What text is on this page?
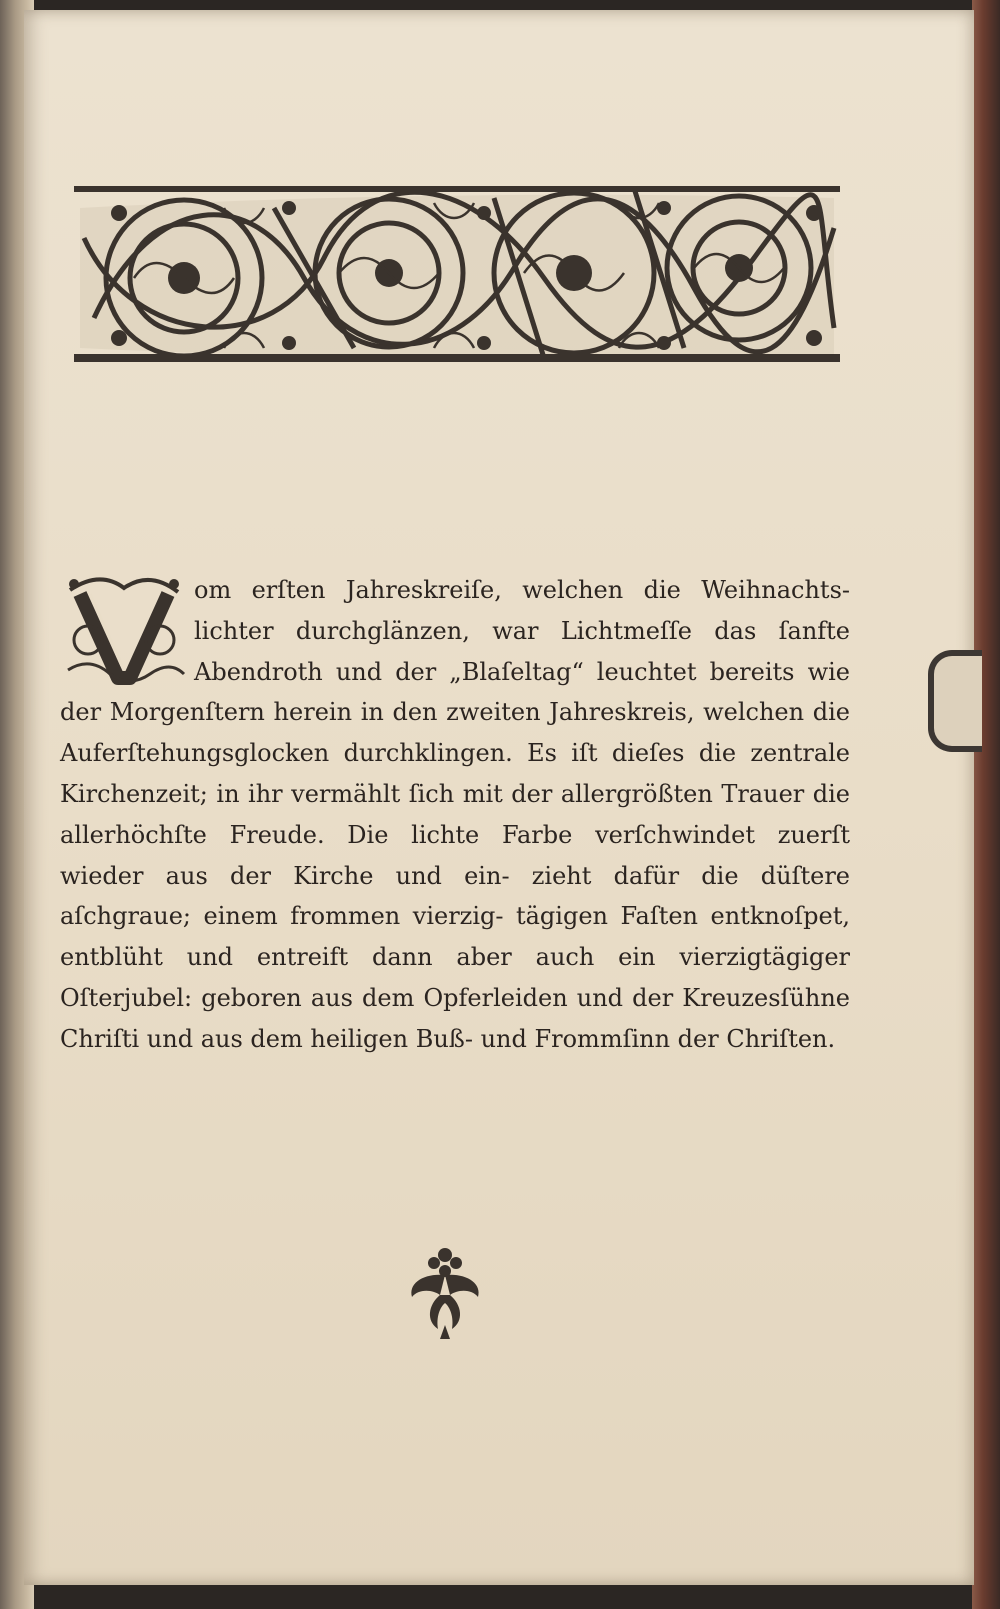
om erſten Jahreskreiſe, welchen die Weihnachts- lichter durchglänzen, war Lichtmeſſe das ſanfte Abendroth und der „Blaſeltag“ leuchtet bereits wie der Morgenſtern herein in den zweiten Jahreskreis, welchen die Auferſtehungsglocken durchklingen. Es iſt dieſes die zentrale Kirchenzeit; in ihr vermählt ſich mit der allergrößten Trauer die allerhöchſte Freude. Die lichte Farbe verſchwindet zuerſt wieder aus der Kirche und ein- zieht dafür die düſtere aſchgraue; einem frommen vierzig- tägigen Faſten entknoſpet, entblüht und entreift dann aber auch ein vierzigtägiger Oſterjubel: geboren aus dem Opferleiden und der Kreuzesſühne Chriſti und aus dem heiligen Buß- und Frommſinn der Chriſten.
